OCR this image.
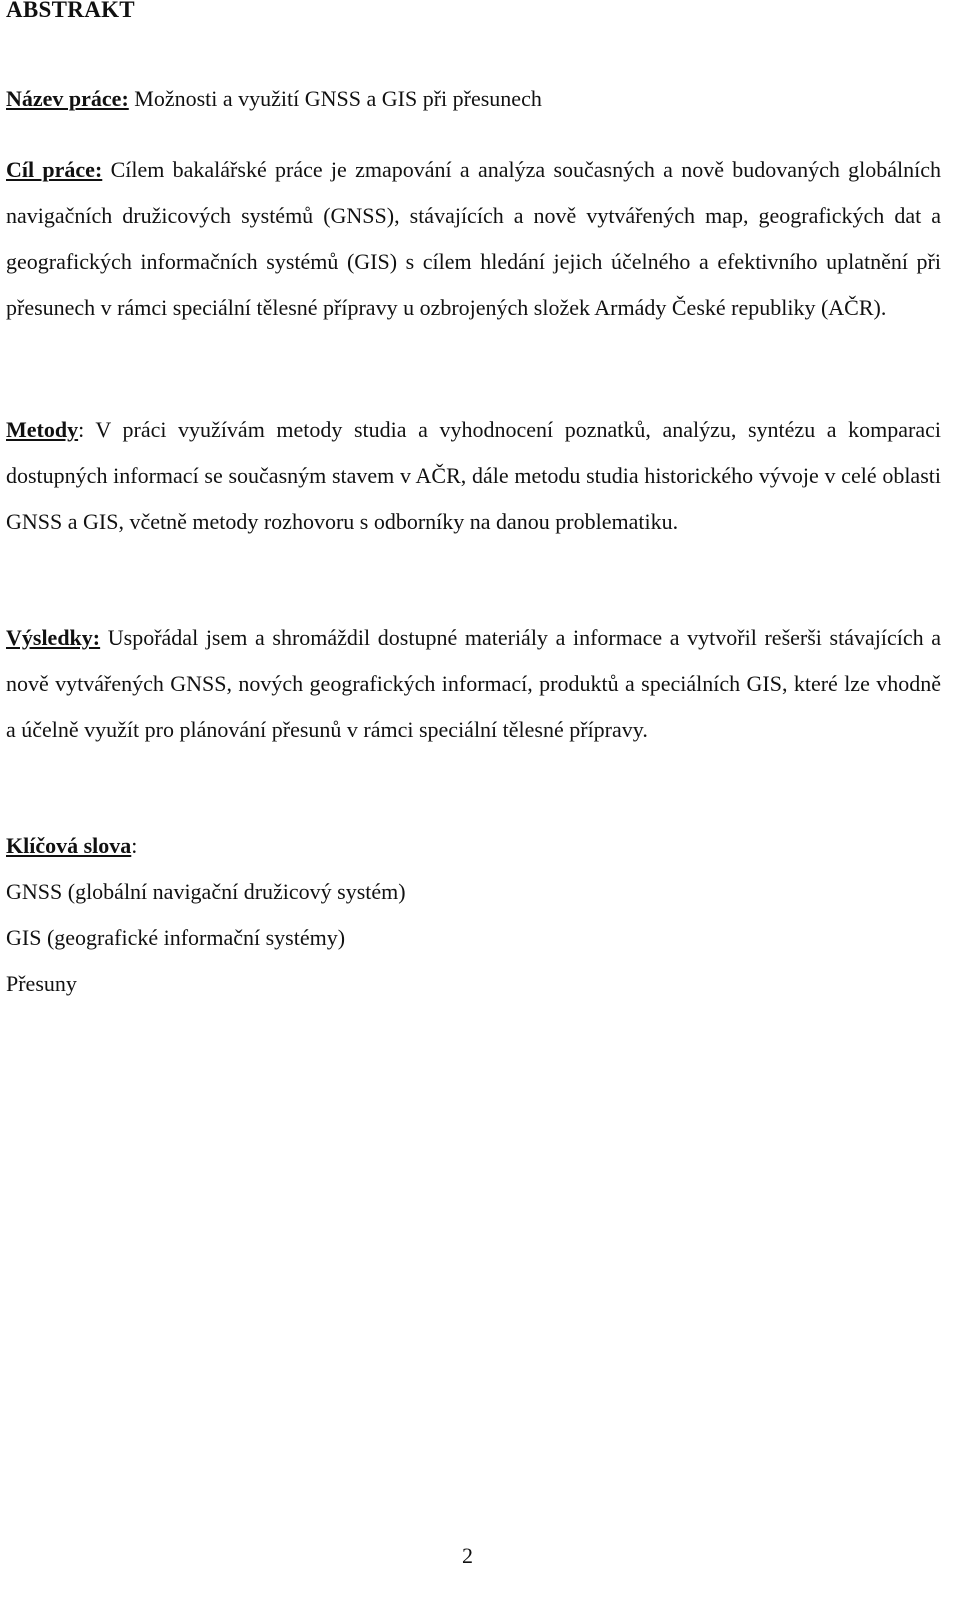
ABSTRAKT

Název práce: Možnosti a využití GNSS a GIS při přesunech

Cíl práce: Cílem bakalářské práce je zmapování a analýza současných a nově budovaných globálních navigačních družicových systémů (GNSS), stávajících a nově vytvářených map, geografických dat a geografických informačních systémů (GIS) s cílem hledání jejich účelného a efektivního uplatnění při přesunech v rámci speciální tělesné přípravy u ozbrojených složek Armády České republiky (AČR).

Metody: V práci využívám metody studia a vyhodnocení poznatků, analýzu, syntézu a komparaci dostupných informací se současným stavem v AČR, dále metodu studia historického vývoje v celé oblasti GNSS a GIS, včetně metody rozhovoru s odborníky na danou problematiku.

Výsledky: Uspořádal jsem a shromáždil dostupné materiály a informace a vytvořil rešerši stávajících a nově vytvářených GNSS, nových geografických informací, produktů a speciálních GIS, které lze vhodně a účelně využít pro plánování přesunů v rámci speciální tělesné přípravy.

Klíčová slova:

GNSS (globální navigační družicový systém)
GIS (geografické informační systémy)
Přesuny
2
